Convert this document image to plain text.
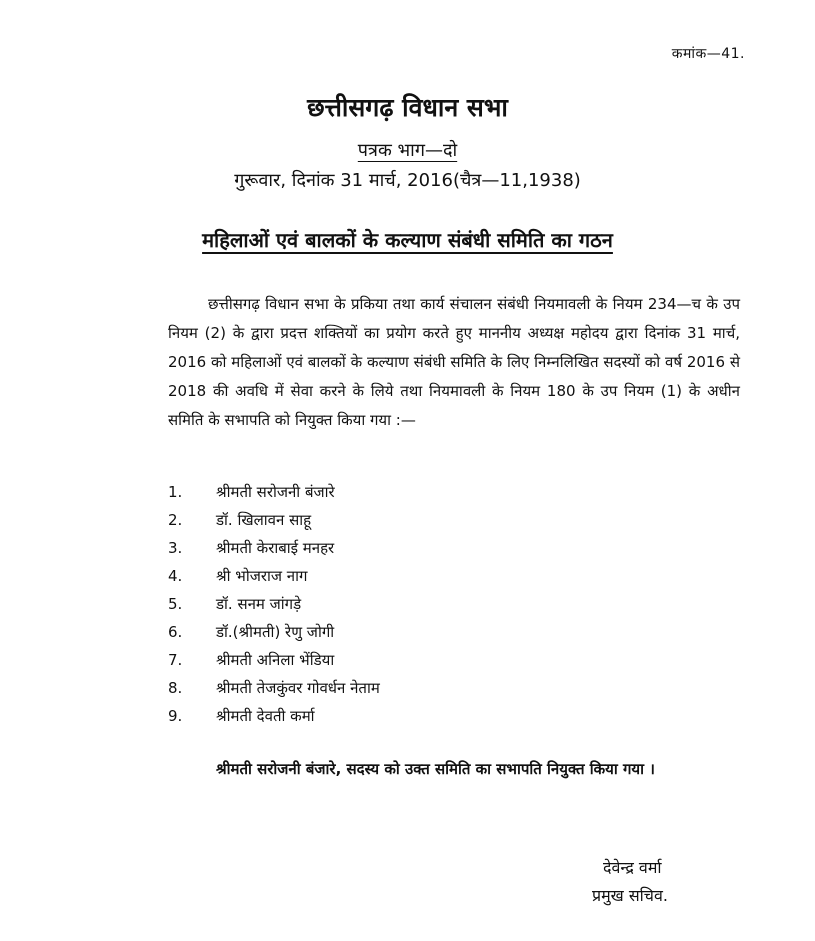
कमांक—41.
छत्तीसगढ़ विधान सभा
पत्रक भाग—दो
गुरूवार, दिनांक 31 मार्च, 2016(चैत्र—11,1938)
महिलाओं एवं बालकों के कल्याण संबंधी समिति का गठन
छत्तीसगढ़ विधान सभा के प्रकिया तथा कार्य संचालन संबंधी नियमावली के नियम 234—च के उप नियम (2) के द्वारा प्रदत्त शक्तियों का प्रयोग करते हुए माननीय अध्यक्ष महोदय द्वारा दिनांक 31 मार्च, 2016 को महिलाओं एवं बालकों के कल्याण संबंधी समिति के लिए निम्नलिखित सदस्यों को वर्ष 2016 से 2018 की अवधि में सेवा करने के लिये तथा नियमावली के नियम 180 के उप नियम (1) के अधीन समिति के सभापति को नियुक्त किया गया :—
1.	श्रीमती सरोजनी बंजारे
2.	डॉ. खिलावन साहू
3.	श्रीमती केराबाई मनहर
4.	श्री भोजराज नाग
5.	डॉ. सनम जांगड़े
6.	डॉ.(श्रीमती) रेणु जोगी
7.	श्रीमती अनिला भेंडिया
8.	श्रीमती तेजकुंवर गोवर्धन नेताम
9.	श्रीमती देवती कर्मा
श्रीमती सरोजनी बंजारे, सदस्य को उक्त समिति का सभापति नियुक्त किया गया ।
देवेन्द्र वर्मा
प्रमुख सचिव.
